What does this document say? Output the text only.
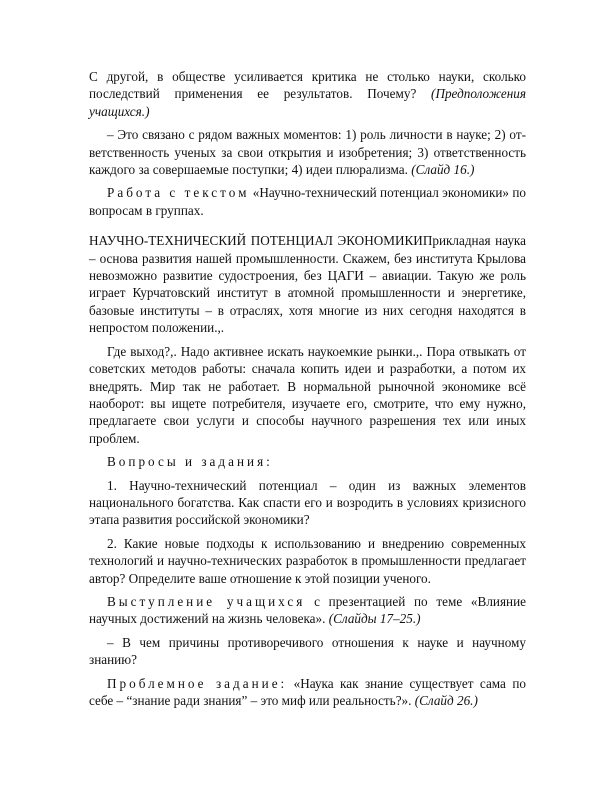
С другой, в обществе усиливается критика не столько науки, сколько последствий применения ее результатов. Почему? (Предположения учащихся.)

– Это связано с рядом важных моментов: 1) роль личности в науке; 2) от-ветственность ученых за свои открытия и изобретения; 3) ответственность каждого за совершаемые поступки; 4) идеи плюрализма. (Слайд 16.)

Работа с текстом «Научно-технический потенциал экономики» по вопросам в группах.

НАУЧНО-ТЕХНИЧЕСКИЙ ПОТЕНЦИАЛ ЭКОНОМИКИПрикладная наука – основа развития нашей промышленности. Скажем, без института Крылова невозможно развитие судостроения, без ЦАГИ – авиации. Такую же роль играет Курчатовский институт в атомной промышленности и энергетике, базовые институты – в отраслях, хотя многие из них сегодня находятся в непростом положении.,.

Где выход?,. Надо активнее искать наукоемкие рынки.,. Пора отвыкать от советских методов работы: сначала копить идеи и разработки, а потом их внедрять. Мир так не работает. В нормальной рыночной экономике всё наоборот: вы ищете потребителя, изучаете его, смотрите, что ему нужно, предлагаете свои услуги и способы научного разрешения тех или иных проблем.

Вопросы и задания:

1. Научно-технический потенциал – один из важных элементов национального богатства. Как спасти его и возродить в условиях кризисного этапа развития российской экономики?

2. Какие новые подходы к использованию и внедрению современных технологий и научно-технических разработок в промышленности предлагает автор? Определите ваше отношение к этой позиции ученого.

Выступление учащихся с презентацией по теме «Влияние научных достижений на жизнь человека». (Слайды 17–25.)

– В чем причины противоречивого отношения к науке и научному знанию?

Проблемное задание: «Наука как знание существует сама по себе – “знание ради знания” – это миф или реальность?». (Слайд 26.)
